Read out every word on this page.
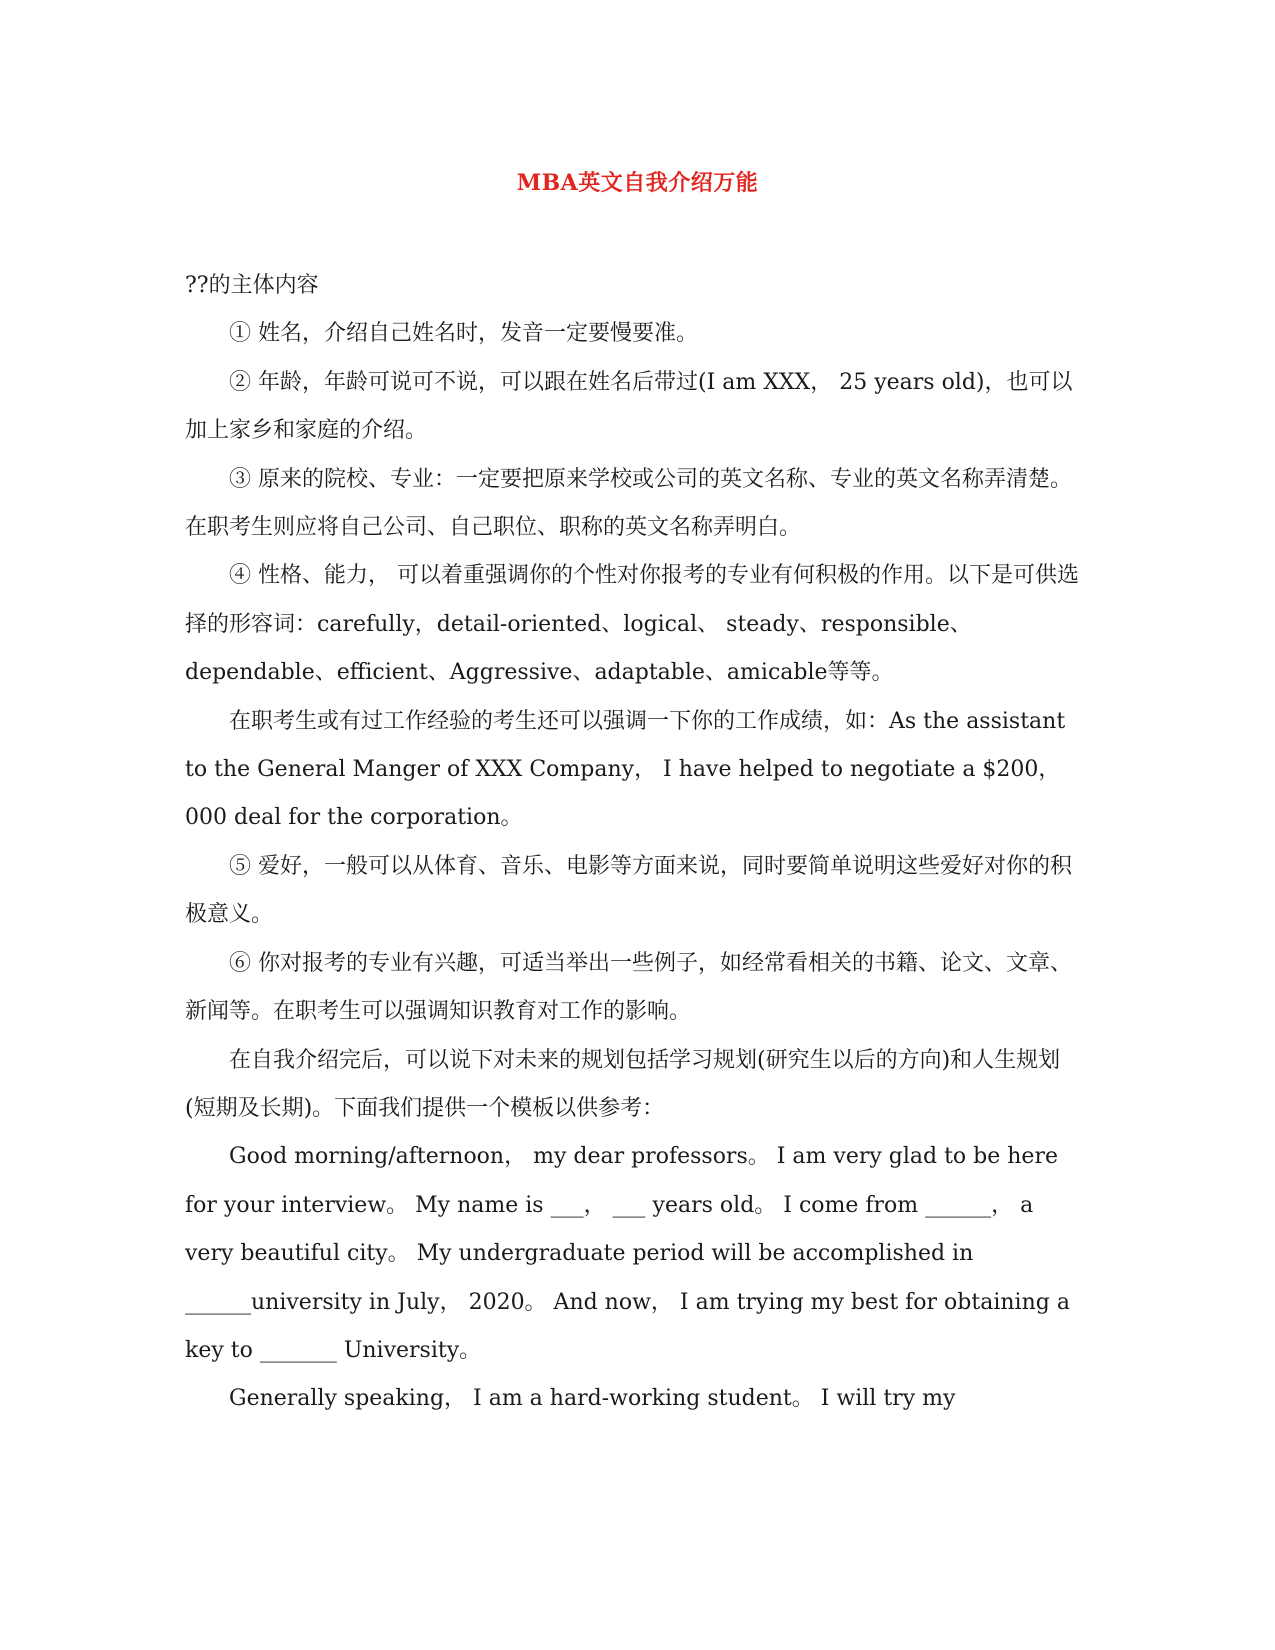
MBA英文自我介绍万能

??的主体内容

① 姓名，介绍自己姓名时，发音一定要慢要准。

② 年龄，年龄可说可不说，可以跟在姓名后带过(I am XXX， 25 years old)，也可以加上家乡和家庭的介绍。

③ 原来的院校、专业：一定要把原来学校或公司的英文名称、专业的英文名称弄清楚。在职考生则应将自己公司、自己职位、职称的英文名称弄明白。

④ 性格、能力， 可以着重强调你的个性对你报考的专业有何积极的作用。以下是可供选择的形容词：carefully，detail-oriented、logical、 steady、responsible、dependable、efficient、Aggressive、adaptable、amicable等等。

在职考生或有过工作经验的考生还可以强调一下你的工作成绩，如：As the assistant to the General Manger of XXX Company， I have helped to negotiate a $200，000 deal for the corporation。

⑤ 爱好，一般可以从体育、音乐、电影等方面来说，同时要简单说明这些爱好对你的积极意义。

⑥ 你对报考的专业有兴趣，可适当举出一些例子，如经常看相关的书籍、论文、文章、新闻等。在职考生可以强调知识教育对工作的影响。

在自我介绍完后，可以说下对未来的规划包括学习规划(研究生以后的方向)和人生规划(短期及长期)。下面我们提供一个模板以供参考：

Good morning/afternoon， my dear professors。 I am very glad to be here for your interview。 My name is ___， ___ years old。 I come from ______， a very beautiful city。 My undergraduate period will be accomplished in ______university in July， 2020。 And now， I am trying my best for obtaining a key to _______ University。

Generally speaking， I am a hard-working student。 I will try my
